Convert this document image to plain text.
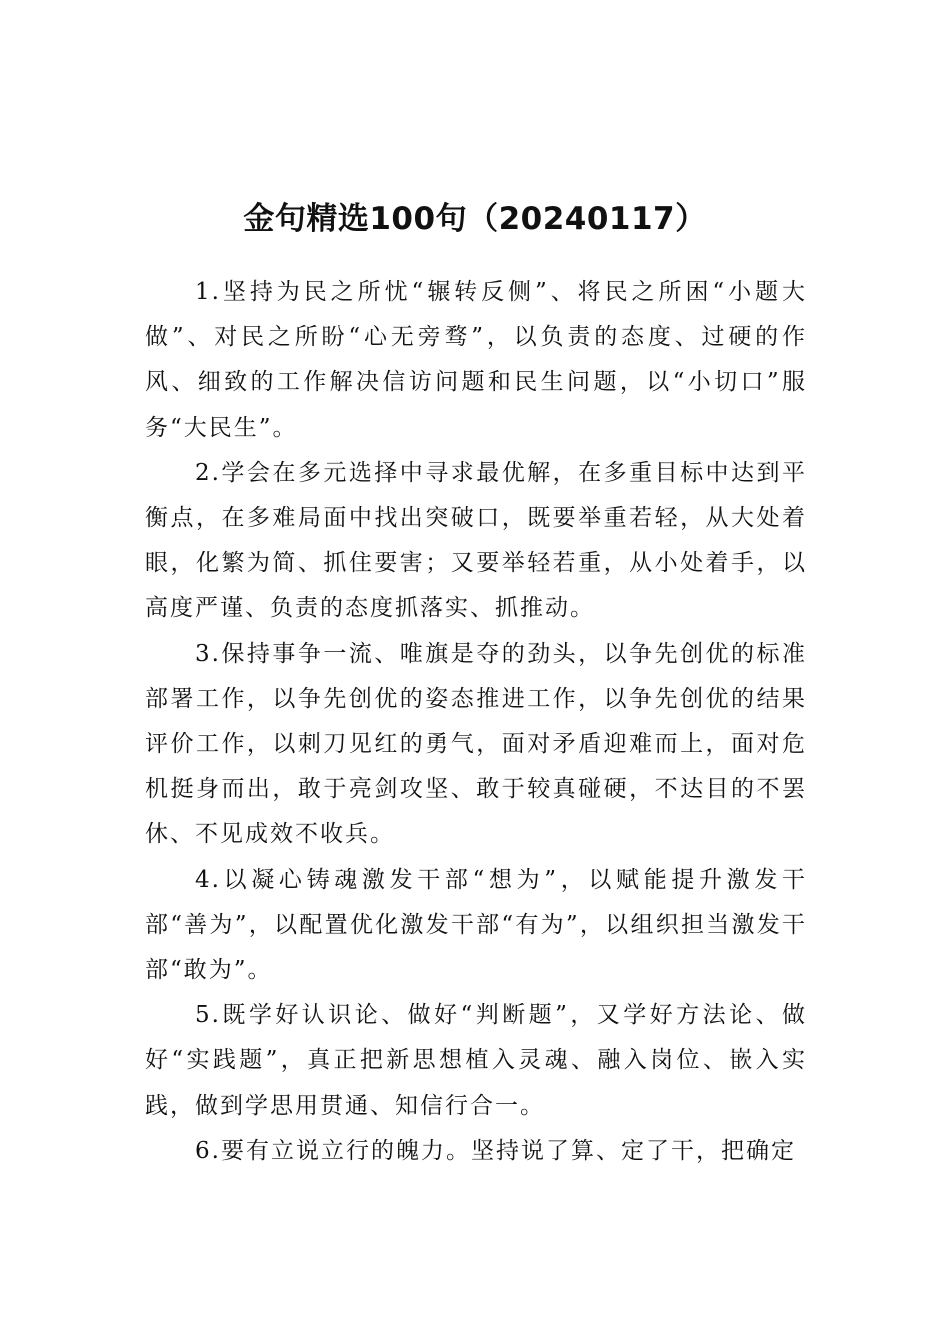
金句精选100句（20240117）

1.坚持为民之所忧“辗转反侧”、将民之所困“小题大做”、对民之所盼“心无旁骛”，以负责的态度、过硬的作风、细致的工作解决信访问题和民生问题，以“小切口”服务“大民生”。

2.学会在多元选择中寻求最优解，在多重目标中达到平衡点，在多难局面中找出突破口，既要举重若轻，从大处着眼，化繁为简、抓住要害；又要举轻若重，从小处着手，以高度严谨、负责的态度抓落实、抓推动。

3.保持事争一流、唯旗是夺的劲头，以争先创优的标准部署工作，以争先创优的姿态推进工作，以争先创优的结果评价工作，以刺刀见红的勇气，面对矛盾迎难而上，面对危机挺身而出，敢于亮剑攻坚、敢于较真碰硬，不达目的不罢休、不见成效不收兵。

4.以凝心铸魂激发干部“想为”，以赋能提升激发干部“善为”，以配置优化激发干部“有为”，以组织担当激发干部“敢为”。

5.既学好认识论、做好“判断题”，又学好方法论、做好“实践题”，真正把新思想植入灵魂、融入岗位、嵌入实践，做到学思用贯通、知信行合一。

6.要有立说立行的魄力。坚持说了算、定了干，把确定
